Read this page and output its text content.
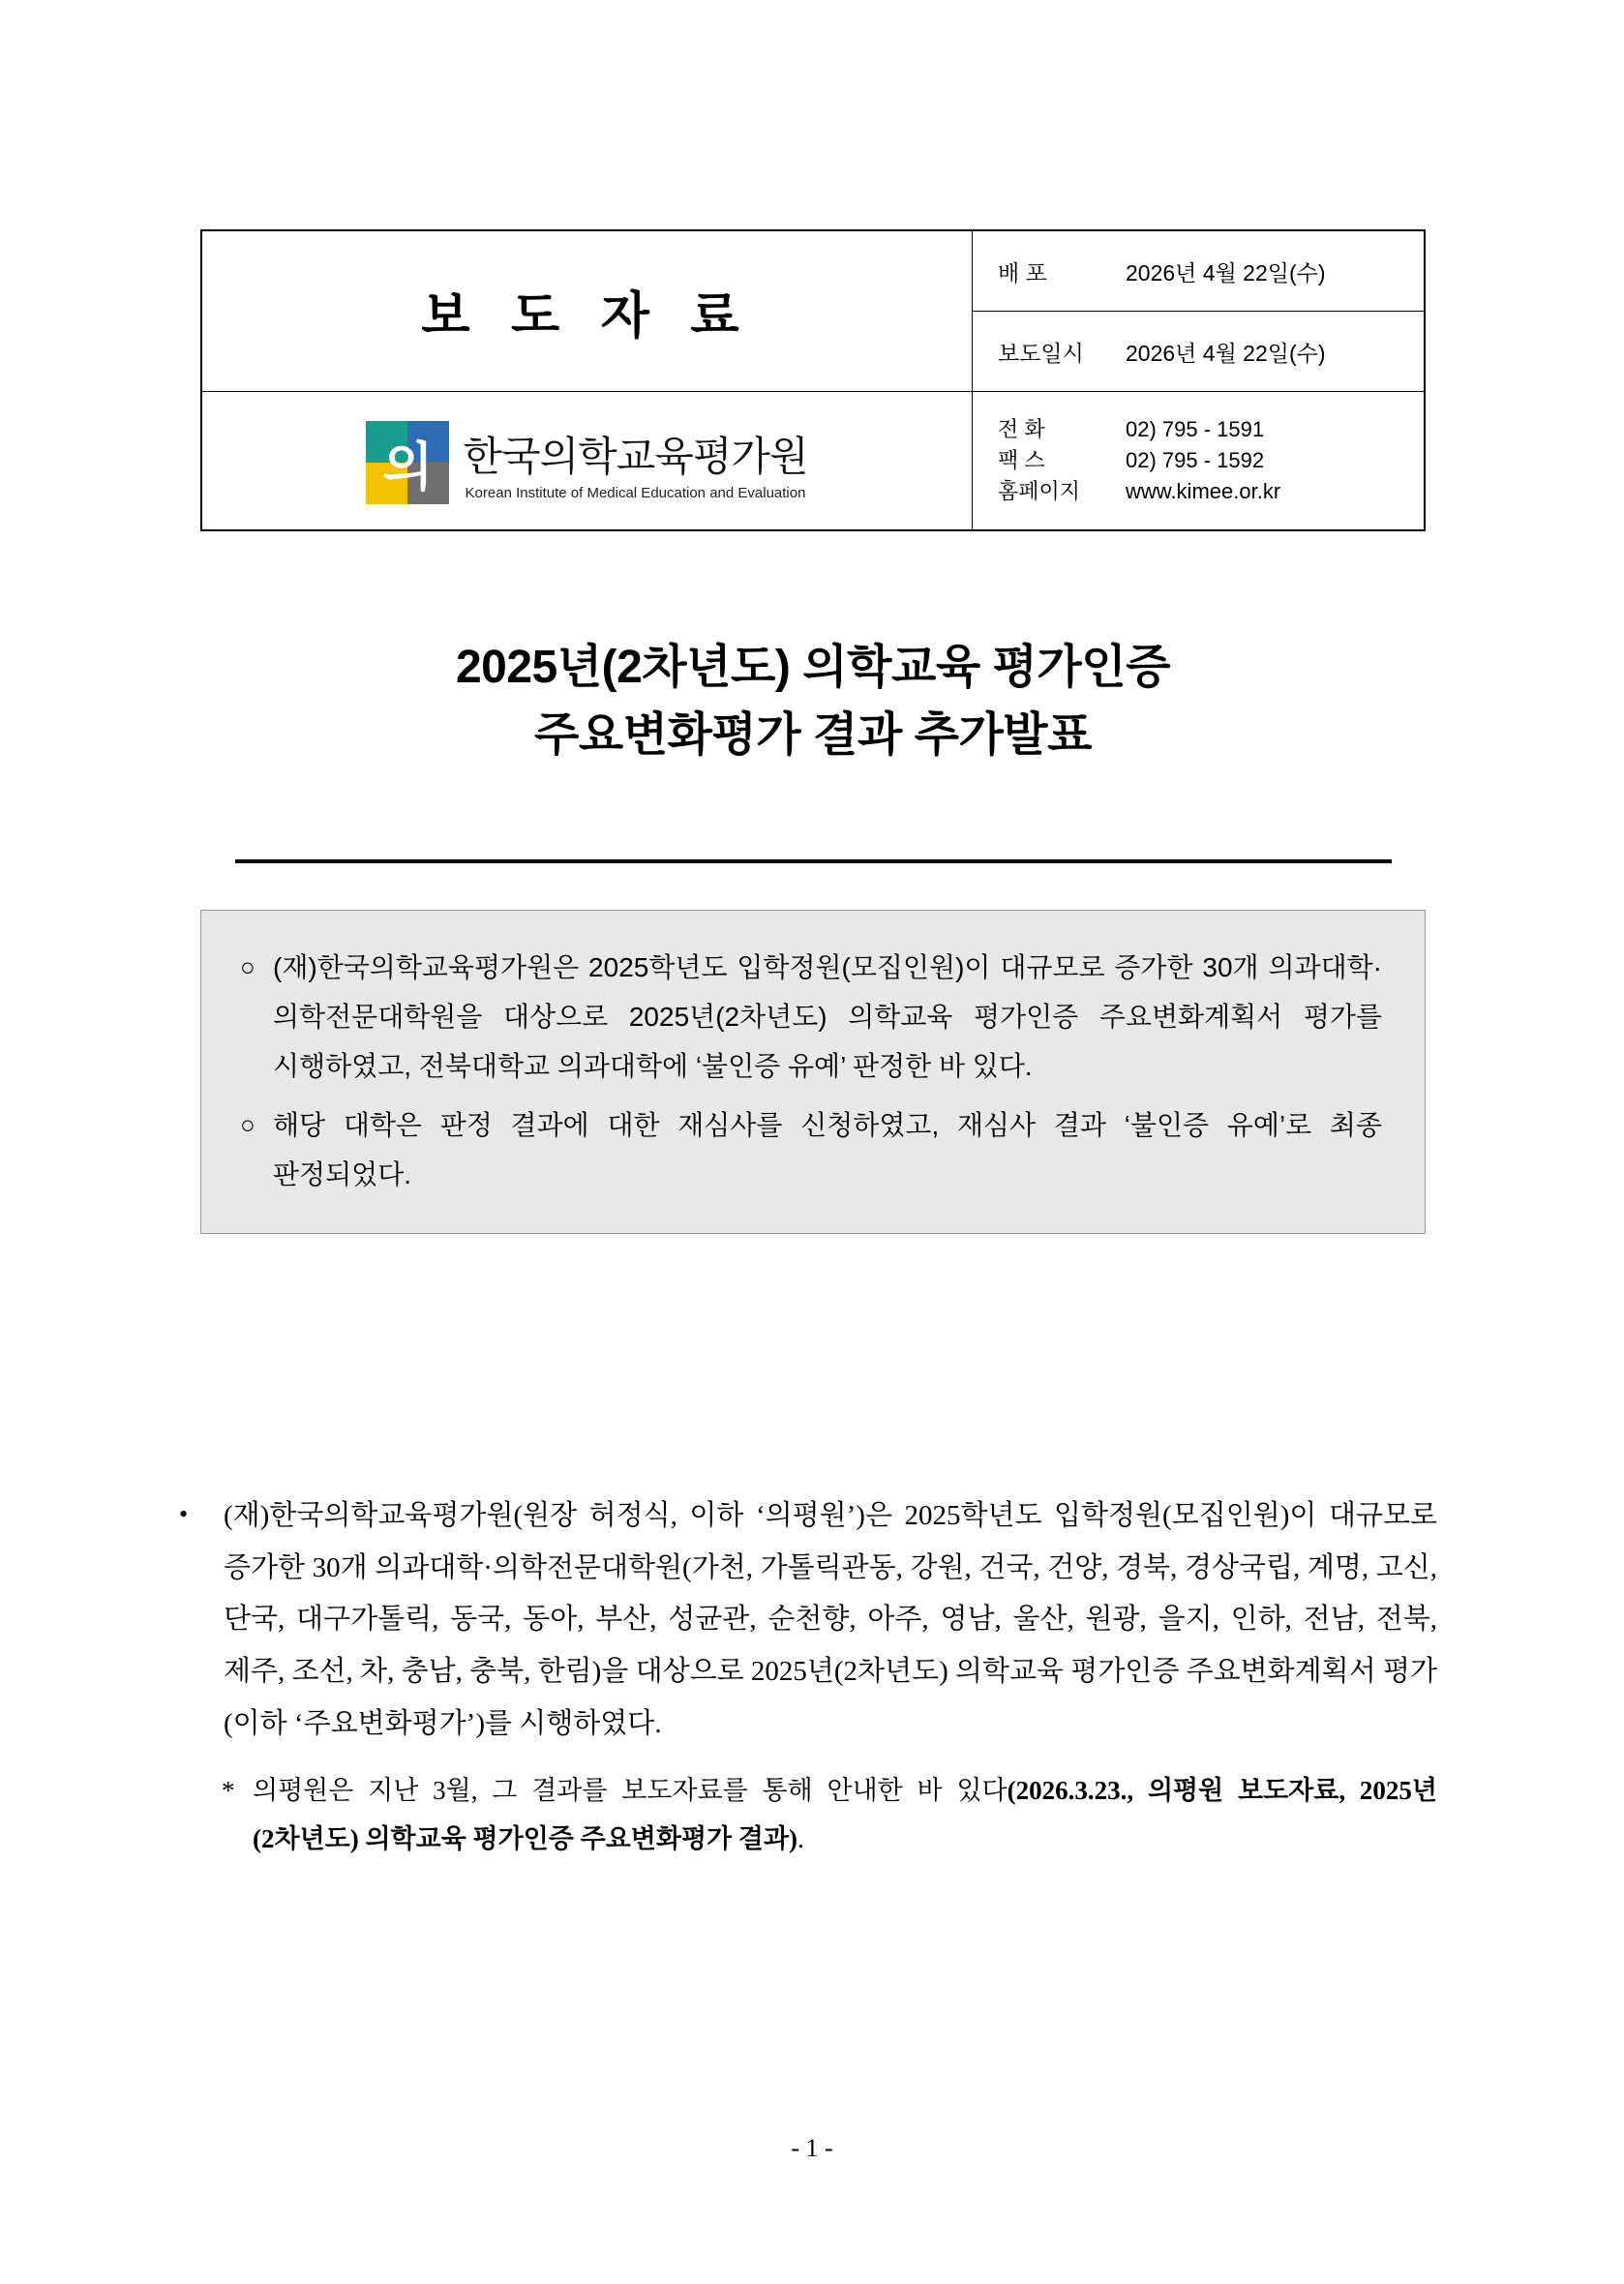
보 도 자 료	배 포 2026년 4월 22일(수)
	보도일시 2026년 4월 22일(수)

의 한국의학교육평가원
Korean Institute of Medical Education and Evaluation

전 화	02) 795 - 1591
팩 스	02) 795 - 1592
홈페이지 www.kimee.or.kr
2025년(2차년도) 의학교육 평가인증
주요변화평가 결과 추가발표
○ (재)한국의학교육평가원은 2025학년도 입학정원(모집인원)이 대규모로 증가한 30개 의과대학·의학전문대학원을 대상으로 2025년(2차년도) 의학교육 평가인증 주요변화계획서 평가를 시행하였고, 전북대학교 의과대학에 ‘불인증 유예’ 판정한 바 있다.
○ 해당 대학은 판정 결과에 대한 재심사를 신청하였고, 재심사 결과 ‘불인증 유예’로 최종 판정되었다.
•	(재)한국의학교육평가원(원장 허정식, 이하 ‘의평원’)은 2025학년도 입학정원(모집인원)이 대규모로 증가한 30개 의과대학·의학전문대학원(가천, 가톨릭관동, 강원, 건국, 건양, 경북, 경상국립, 계명, 고신, 단국, 대구가톨릭, 동국, 동아, 부산, 성균관, 순천향, 아주, 영남, 울산, 원광, 을지, 인하, 전남, 전북, 제주, 조선, 차, 충남, 충북, 한림)을 대상으로 2025년(2차년도) 의학교육 평가인증 주요변화계획서 평가(이하 ‘주요변화평가’)를 시행하였다.
* 의평원은 지난 3월, 그 결과를 보도자료를 통해 안내한 바 있다(2026.3.23., 의평원 보도자료, 2025년(2차년도) 의학교육 평가인증 주요변화평가 결과).
- 1 -
